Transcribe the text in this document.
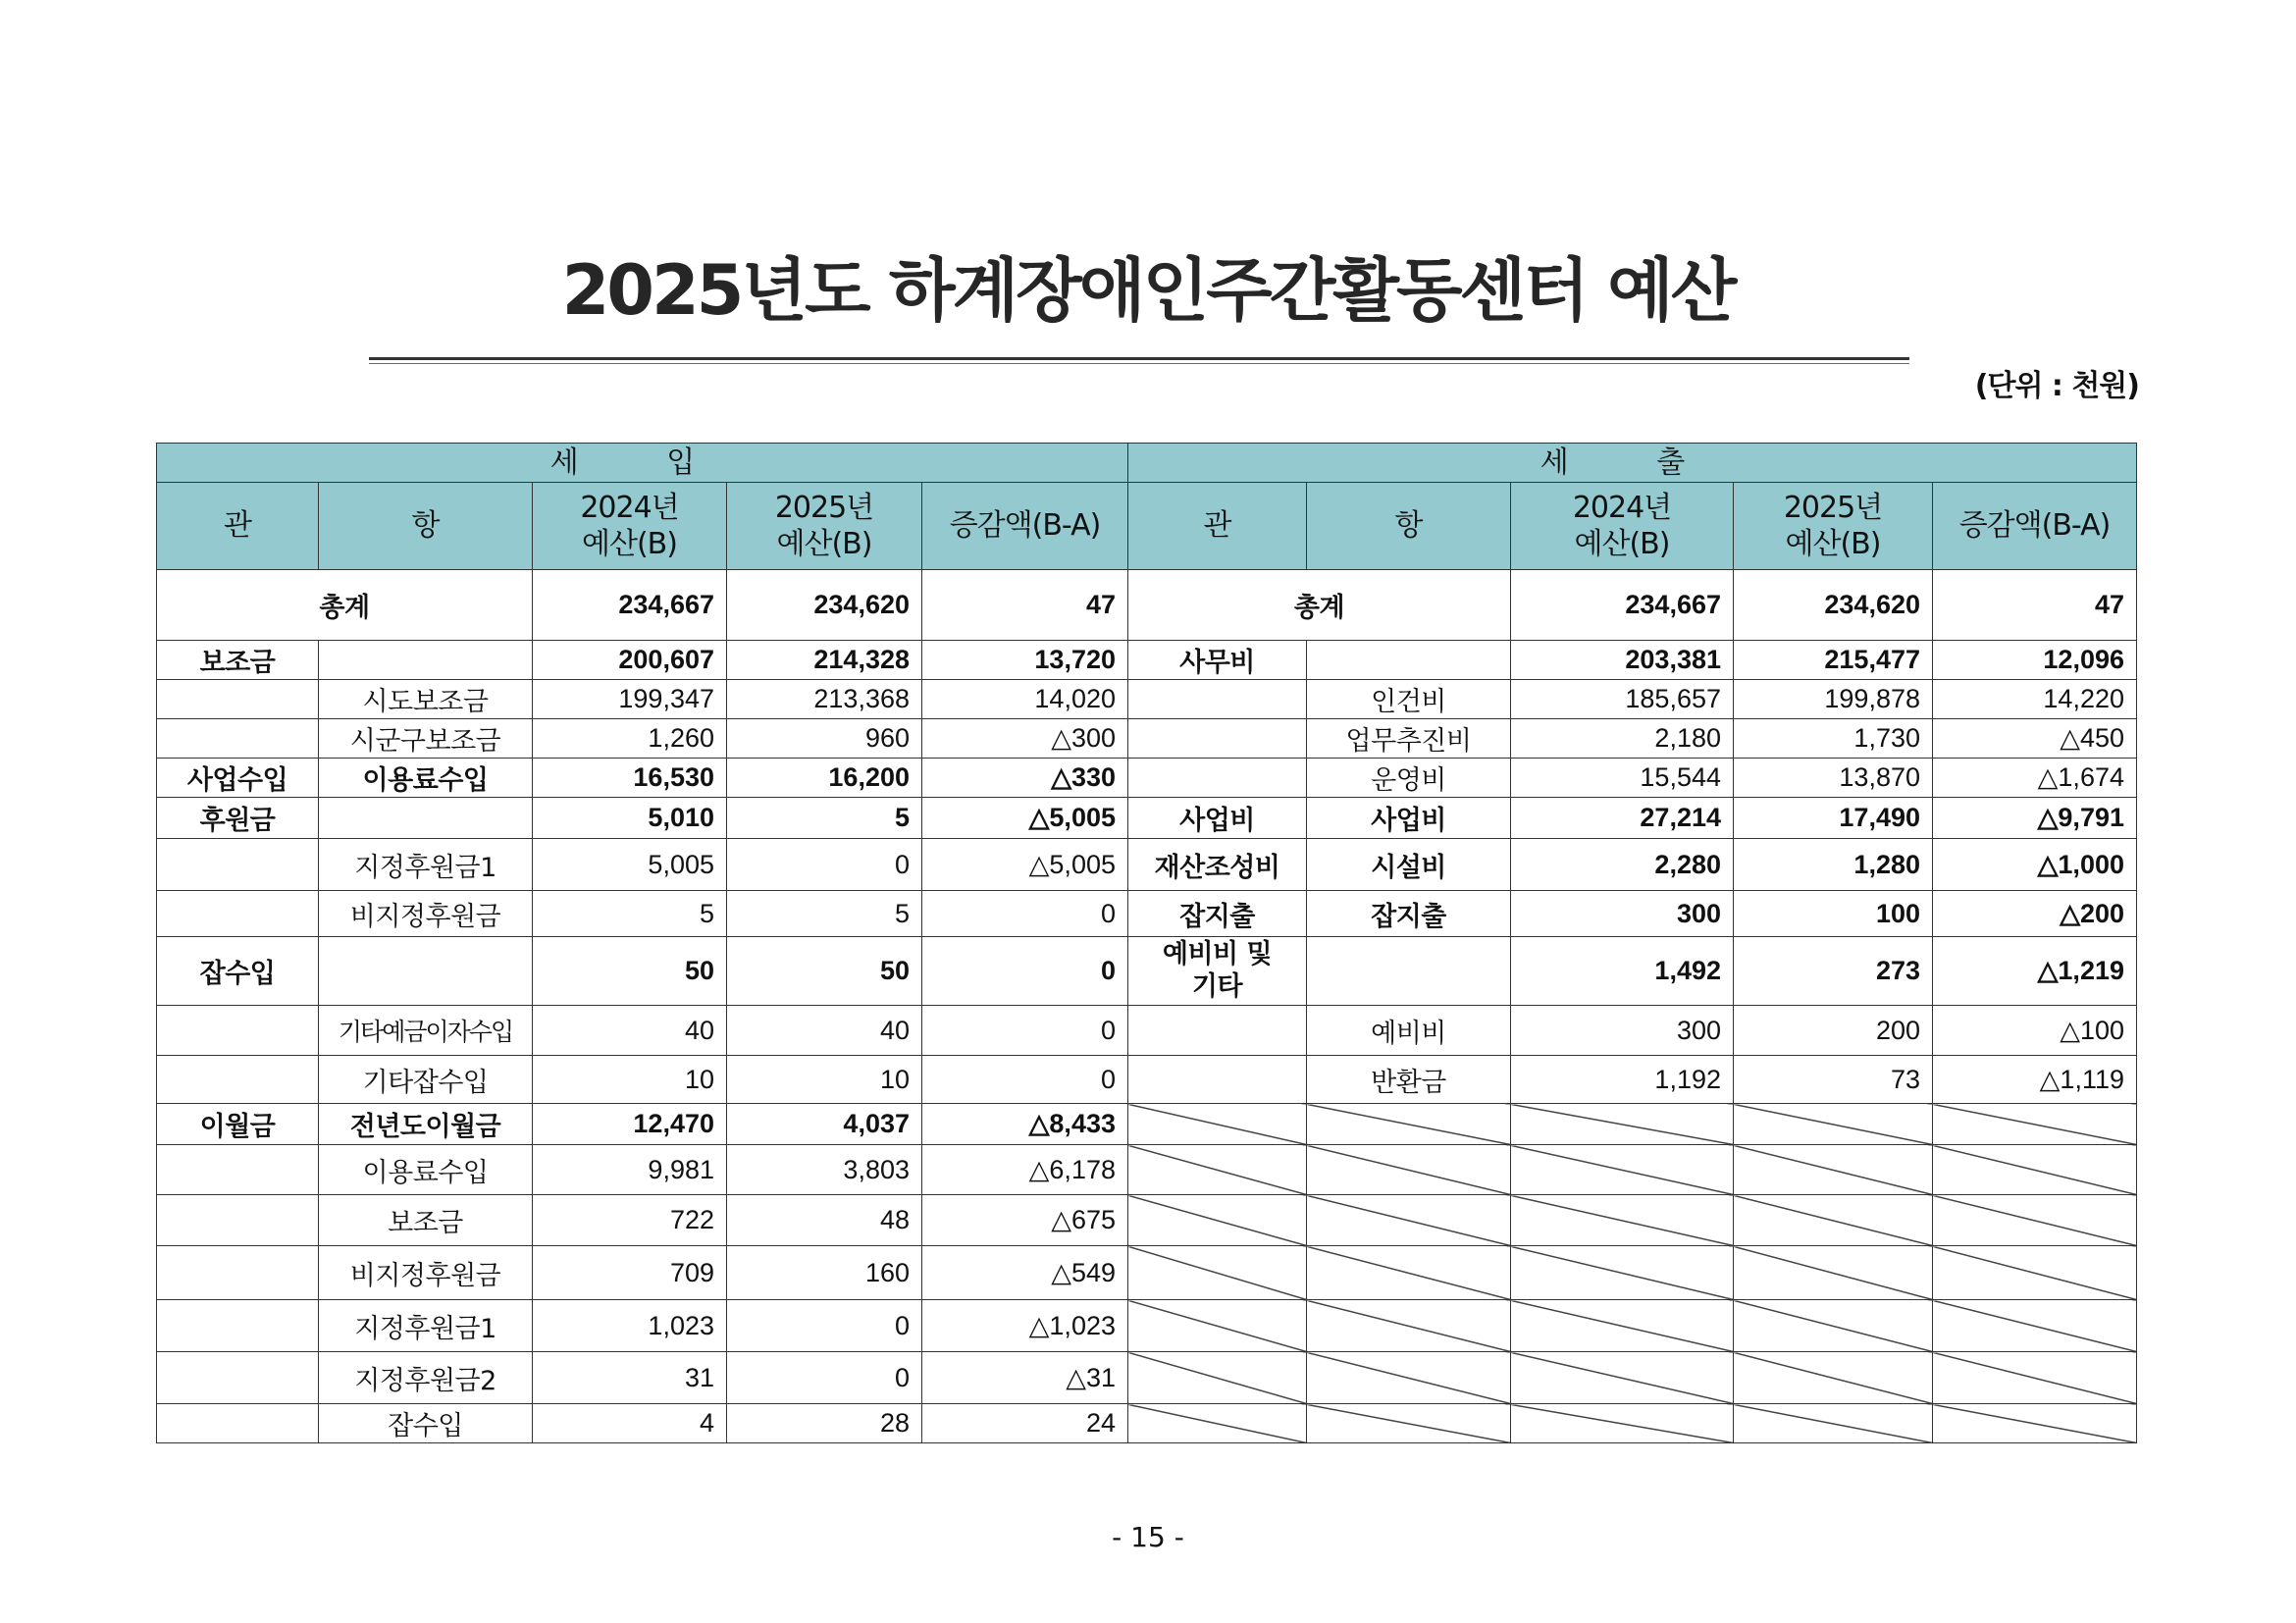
2025년도 하계장애인주간활동센터 예산
(단위 : 천원)
세 입					세 출				
관	항	2024년 예산(B)	2025년 예산(B)	증감액(B-A)	관	항	2024년 예산(B)	2025년 예산(B)	증감액(B-A)
총계		234,667	234,620	47	총계		234,667	234,620	47
보조금		200,607	214,328	13,720	사무비		203,381	215,477	12,096
	시도보조금	199,347	213,368	14,020		인건비	185,657	199,878	14,220
	시군구보조금	1,260	960	△300		업무추진비	2,180	1,730	△450
사업수입	이용료수입	16,530	16,200	△330		운영비	15,544	13,870	△1,674
후원금		5,010	5	△5,005	사업비	사업비	27,214	17,490	△9,791
	지정후원금1	5,005	0	△5,005	재산조성비	시설비	2,280	1,280	△1,000
	비지정후원금	5	5	0	잡지출	잡지출	300	100	△200
잡수입		50	50	0	예비비 및 기타		1,492	273	△1,219
	기타예금이자수입	40	40	0		예비비	300	200	△100
	기타잡수입	10	10	0		반환금	1,192	73	△1,119
이월금	전년도이월금	12,470	4,037	△8,433					
	이용료수입	9,981	3,803	△6,178					
	보조금	722	48	△675					
	비지정후원금	709	160	△549					
	지정후원금1	1,023	0	△1,023					
	지정후원금2	31	0	△31					
	잡수입	4	28	24					
- 15 -
